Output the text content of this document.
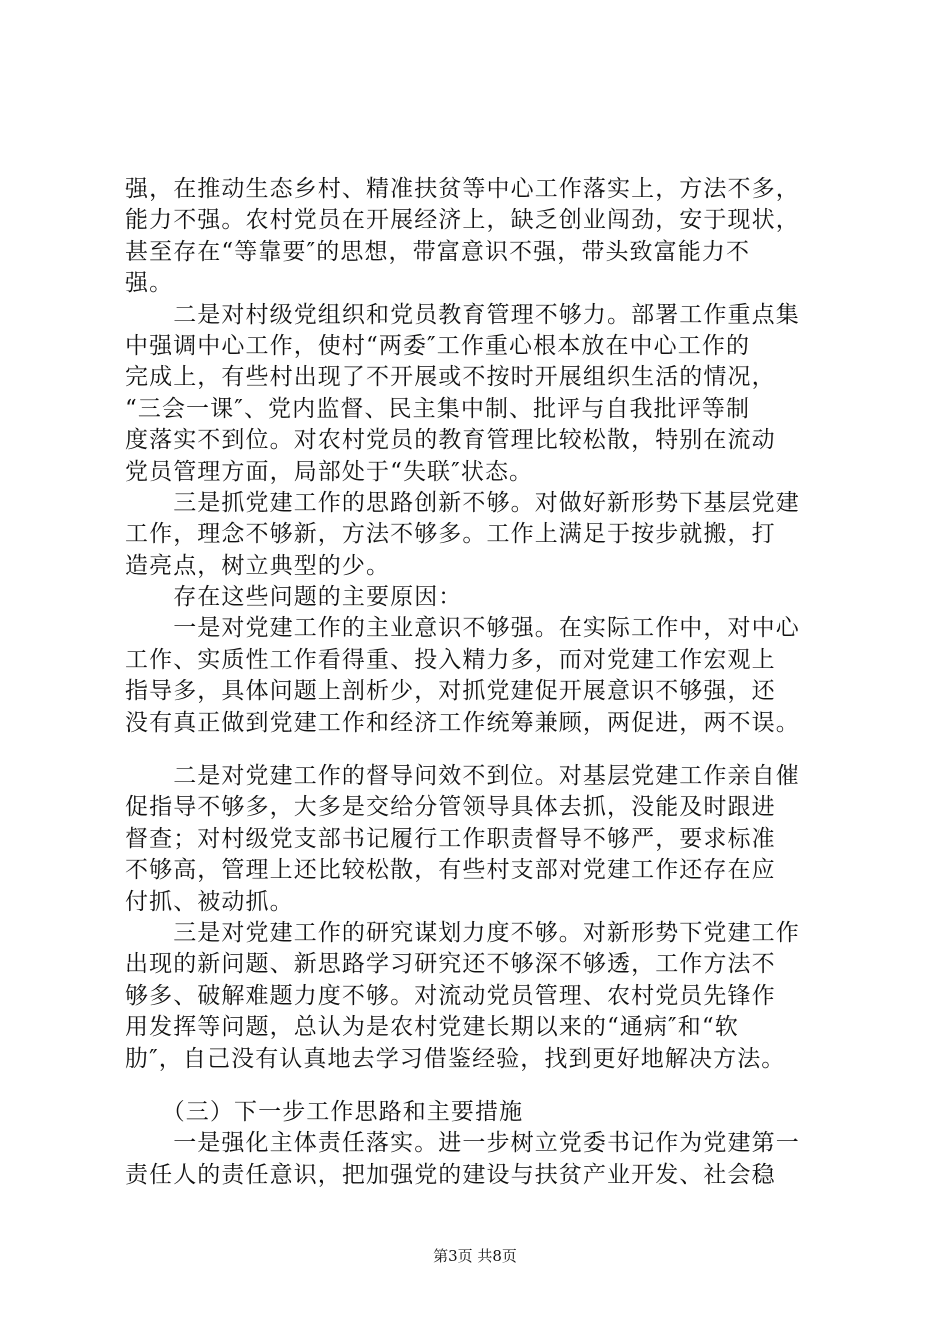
强，在推动生态乡村、精准扶贫等中心工作落实上，方法不多，
能力不强。农村党员在开展经济上，缺乏创业闯劲，安于现状，
甚至存在“等靠要″的思想，带富意识不强，带头致富能力不
强。
　　二是对村级党组织和党员教育管理不够力。部署工作重点集
中强调中心工作，使村“两委″工作重心根本放在中心工作的
完成上，有些村出现了不开展或不按时开展组织生活的情况，
“三会一课″、党内监督、民主集中制、批评与自我批评等制
度落实不到位。对农村党员的教育管理比较松散，特别在流动
党员管理方面，局部处于“失联″状态。
　　三是抓党建工作的思路创新不够。对做好新形势下基层党建
工作，理念不够新，方法不够多。工作上满足于按步就搬，打
造亮点，树立典型的少。
　　存在这些问题的主要原因：
　　一是对党建工作的主业意识不够强。在实际工作中，对中心
工作、实质性工作看得重、投入精力多，而对党建工作宏观上
指导多，具体问题上剖析少，对抓党建促开展意识不够强，还
没有真正做到党建工作和经济工作统筹兼顾，两促进，两不误。
　　二是对党建工作的督导问效不到位。对基层党建工作亲自催
促指导不够多，大多是交给分管领导具体去抓，没能及时跟进
督查；对村级党支部书记履行工作职责督导不够严，要求标准
不够高，管理上还比较松散，有些村支部对党建工作还存在应
付抓、被动抓。
　　三是对党建工作的研究谋划力度不够。对新形势下党建工作
出现的新问题、新思路学习研究还不够深不够透，工作方法不
够多、破解难题力度不够。对流动党员管理、农村党员先锋作
用发挥等问题，总认为是农村党建长期以来的“通病″和“软
肋″，自己没有认真地去学习借鉴经验，找到更好地解决方法。
　　（三）下一步工作思路和主要措施
　　一是强化主体责任落实。进一步树立党委书记作为党建第一
责任人的责任意识，把加强党的建设与扶贫产业开发、社会稳
第3页 共8页
